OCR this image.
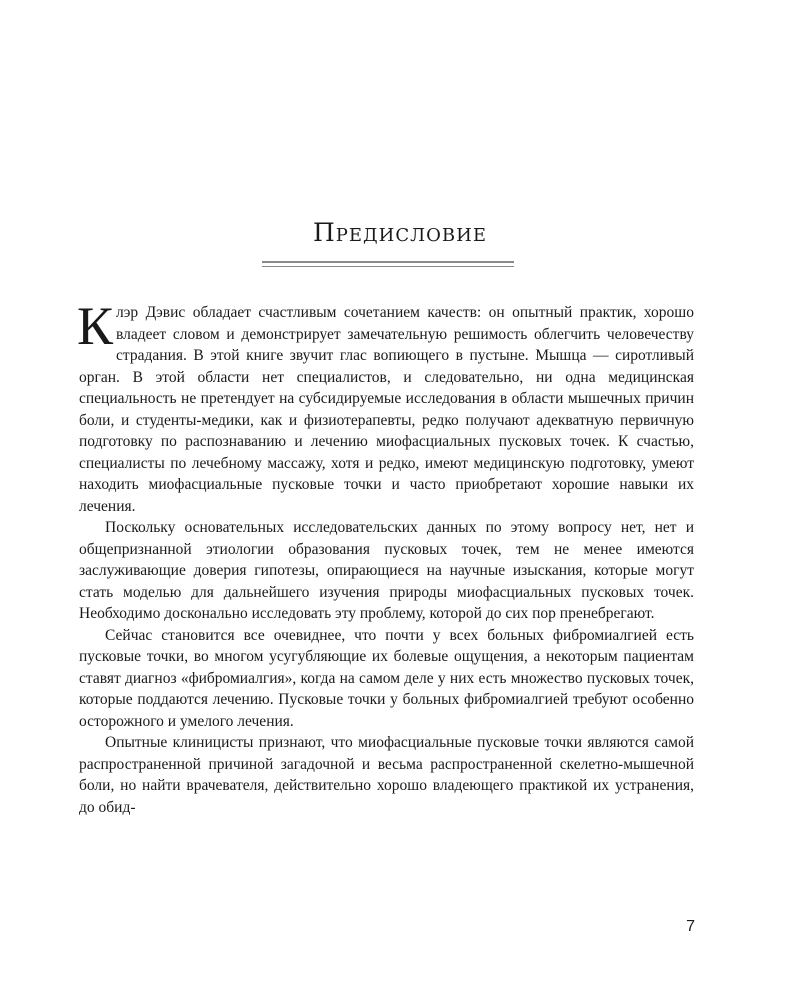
Предисловие

Клэр Дэвис обладает счастливым сочетанием качеств: он опытный практик, хорошо владеет словом и демонстрирует замечательную решимость облегчить человечеству страдания. В этой книге звучит глас вопиющего в пустыне. Мышца — сиротливый орган. В этой области нет специалистов, и следовательно, ни одна медицинская специальность не претендует на субсидируемые исследования в области мышечных причин боли, и студенты-медики, как и физиотерапевты, редко получают адекватную первичную подготовку по распознаванию и лечению миофасциальных пусковых точек. К счастью, специалисты по лечебному массажу, хотя и редко, имеют медицинскую подготовку, умеют находить миофасциальные пусковые точки и часто приобретают хорошие навыки их лечения.

Поскольку основательных исследовательских данных по этому вопросу нет, нет и общепризнанной этиологии образования пусковых точек, тем не менее имеются заслуживающие доверия гипотезы, опирающиеся на научные изыскания, которые могут стать моделью для дальнейшего изучения природы миофасциальных пусковых точек. Необходимо досконально исследовать эту проблему, которой до сих пор пренебрегают.

Сейчас становится все очевиднее, что почти у всех больных фибромиалгией есть пусковые точки, во многом усугубляющие их болевые ощущения, а некоторым пациентам ставят диагноз «фибромиалгия», когда на самом деле у них есть множество пусковых точек, которые поддаются лечению. Пусковые точки у больных фибромиалгией требуют особенно осторожного и умелого лечения.

Опытные клиницисты признают, что миофасциальные пусковые точки являются самой распространенной причиной загадочной и весьма распространенной скелетно-мышечной боли, но найти врачевателя, действительно хорошо владеющего практикой их устранения, до обид-

7
